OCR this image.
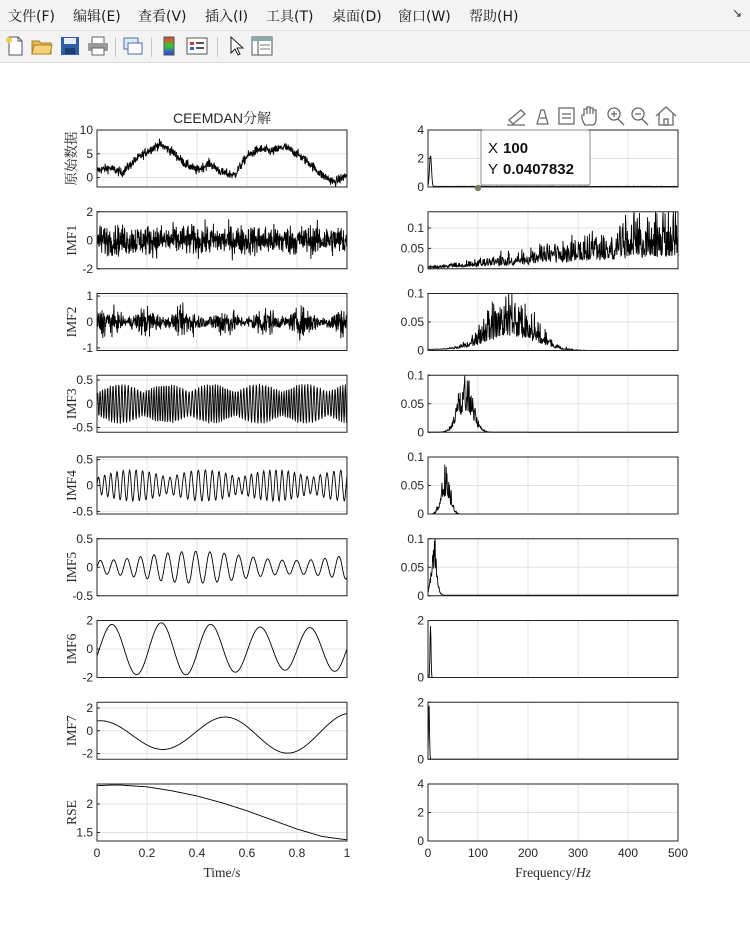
文件(F) 编辑(E) 查看(V) 插入(I) 工具(T) 桌面(D) 窗口(W) 帮助(H)	↘
CEEMDAN分解
10
5
0
原始数据
2
0
-2
IMF1
1
0
-1
IMF2
0.5
0
-0.5
IMF3
0.5
0
-0.5
IMF4
0.5
0
-0.5
IMF5
2
0
-2
IMF6
2
0
-2
IMF7
2
1.5
0	0.2	0.4	0.6	0.8	1
RSE
4
2
0
0.1
0.05
0
0.1
0.05
0
0.1
0.05
0
0.1
0.05
0
0.1
0.05
0
2
0
2
0
4
2
0
0	100 200 300 400 500
Time/s	Frequency/Hz
X 100
Y 0.0407832
